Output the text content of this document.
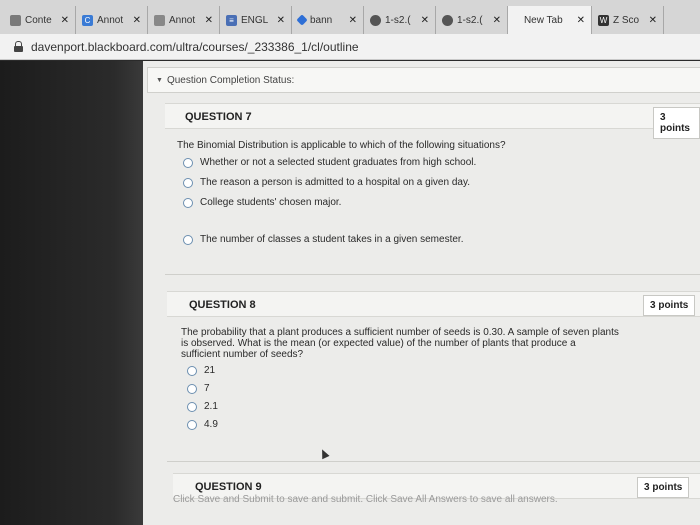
Conte ✕	C Annot ✕	Annot ✕	≡ ENGL ✕	bann	✕	1-s2.(	✕	1-s2.(	✕	New Tab	✕ W Z Sco ✕
davenport.blackboard.com/ultra/courses/_233386_1/cl/outline
▼ Question Completion Status:
QUESTION 7	3 points
The Binomial Distribution is applicable to which of the following situations?
Whether or not a selected student graduates from high school.
The reason a person is admitted to a hospital on a given day.
College students' chosen major.
The number of classes a student takes in a given semester.
QUESTION 8	3 points
The probability that a plant produces a sufficient number of seeds is 0.30. A sample of seven plants
is observed. What is the mean (or expected value) of the number of plants that produce a
sufficient number of seeds?
21
7
2.1
4.9
QUESTION 9	3 points
Click Save and Submit to save and submit. Click Save All Answers to save all answers.
